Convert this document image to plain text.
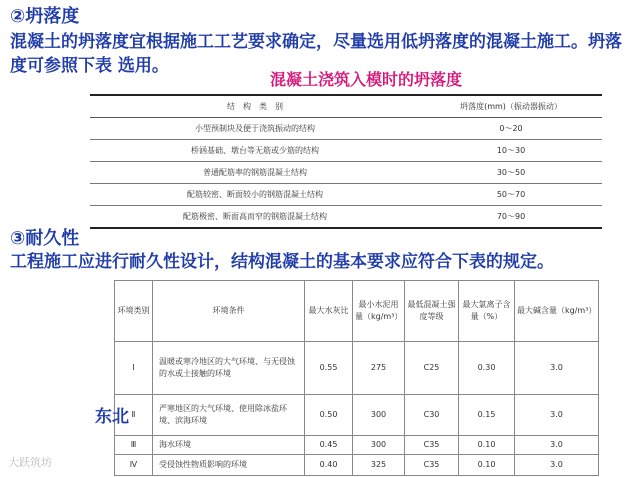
②坍落度
混凝土的坍落度宜根据施工工艺要求确定，尽量选用低坍落度的混凝土施工。坍落度可参照下表 选用。
混凝土浇筑入模时的坍落度
结　构　类　别	坍落度(mm)（振动器振动）
小型预制块及便于浇筑振动的结构	0～20
桥涵基础、墩台等无筋或少筋的结构	10～30
普通配筋率的钢筋混凝土结构	30～50
配筋较密、断面较小的钢筋混凝土结构	50～70
配筋极密、断面高而窄的钢筋混凝土结构	70～90
③耐久性
工程施工应进行耐久性设计，结构混凝土的基本要求应符合下表的规定。
环境类别	环境条件	最大水灰比	最小水泥用量（kg/m³）	最低混凝土强度等级	最大氯离子含量（%）	最大碱含量（kg/m³）
Ⅰ	温暖或寒冷地区的大气环境、与无侵蚀的水或土接触的环境	0.55	275	C25	0.30	3.0
Ⅱ	严寒地区的大气环境、使用除冰盐环境、滨海环境	0.50	300	C30	0.15	3.0
Ⅲ	海水环境	0.45	300	C35	0.10	3.0
Ⅳ	受侵蚀性物质影响的环境	0.40	325	C35	0.10	3.0
东北
大跃筑坊
